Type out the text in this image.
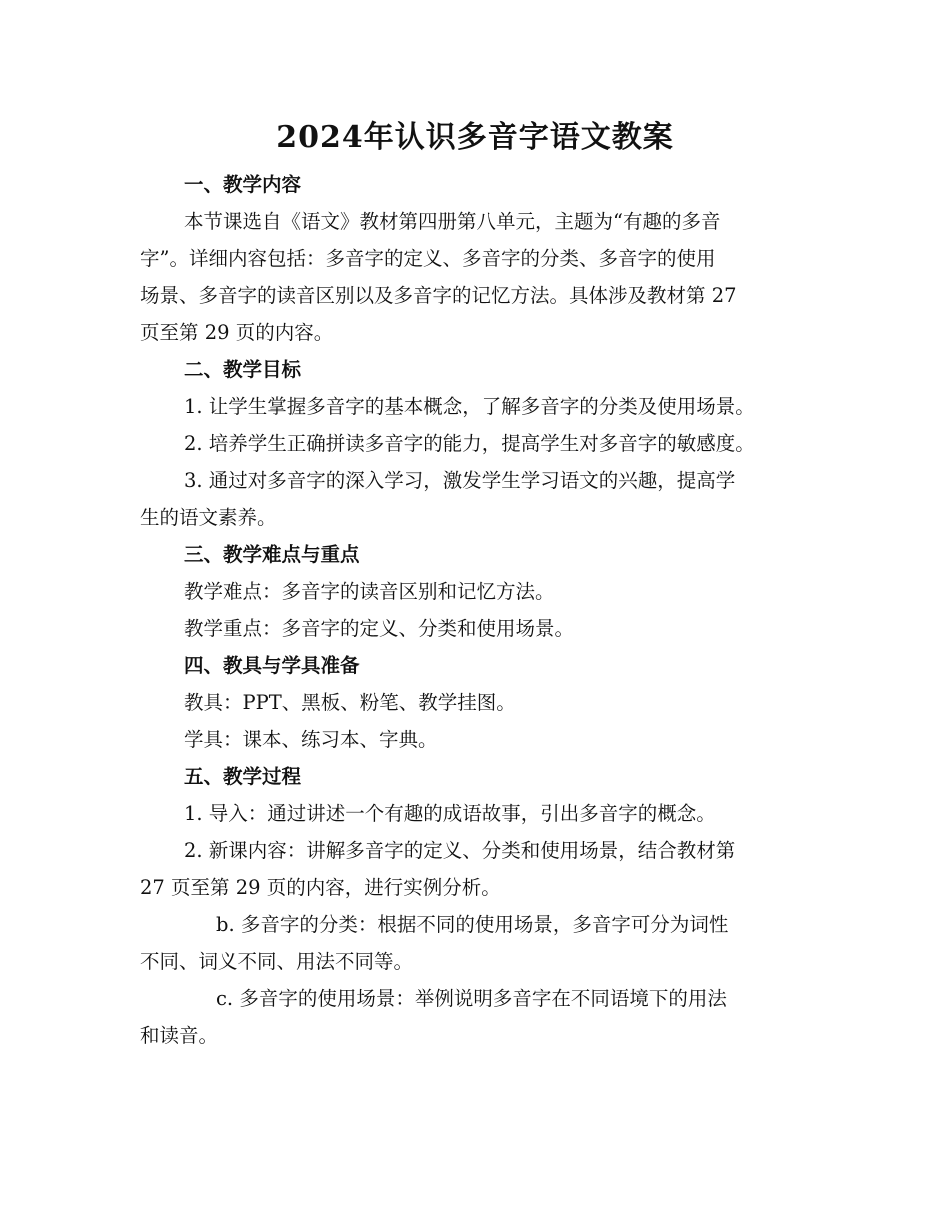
2024年认识多音字语文教案
一、教学内容
本节课选自《语文》教材第四册第八单元，主题为“有趣的多音
字”。详细内容包括：多音字的定义、多音字的分类、多音字的使用
场景、多音字的读音区别以及多音字的记忆方法。具体涉及教材第 27
页至第 29 页的内容。
二、教学目标
1. 让学生掌握多音字的基本概念，了解多音字的分类及使用场景。
2. 培养学生正确拼读多音字的能力，提高学生对多音字的敏感度。
3. 通过对多音字的深入学习，激发学生学习语文的兴趣，提高学
生的语文素养。
三、教学难点与重点
教学难点：多音字的读音区别和记忆方法。
教学重点：多音字的定义、分类和使用场景。
四、教具与学具准备
教具：PPT、黑板、粉笔、教学挂图。
学具：课本、练习本、字典。
五、教学过程
1. 导入：通过讲述一个有趣的成语故事，引出多音字的概念。
2. 新课内容：讲解多音字的定义、分类和使用场景，结合教材第
27 页至第 29 页的内容，进行实例分析。
b. 多音字的分类：根据不同的使用场景，多音字可分为词性
不同、词义不同、用法不同等。
c. 多音字的使用场景：举例说明多音字在不同语境下的用法
和读音。
